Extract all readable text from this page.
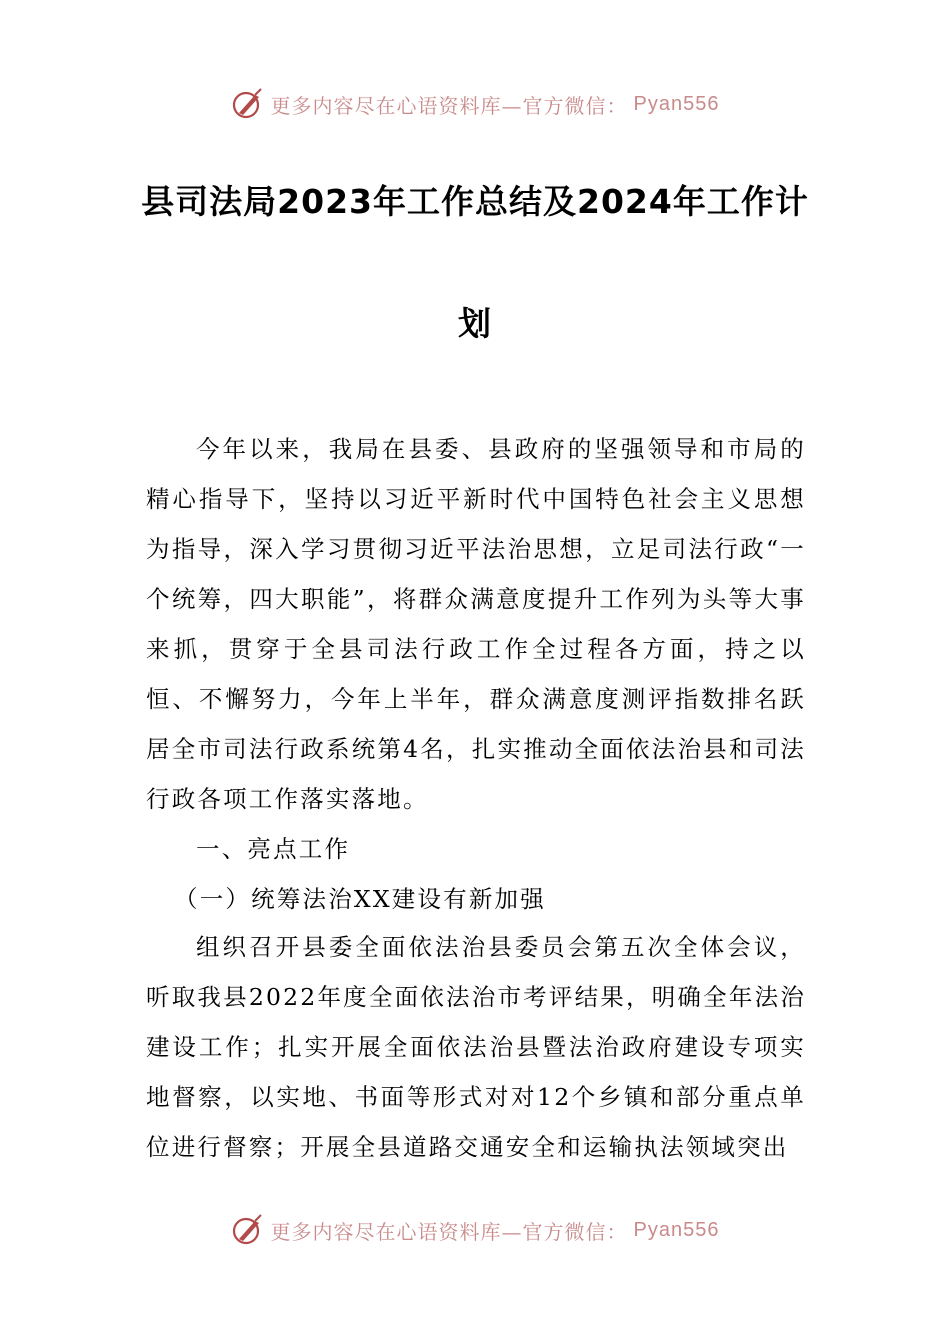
更多内容尽在心语资料库—官方微信： Pyan556
县司法局2023年工作总结及2024年工作计
划

今年以来，我局在县委、县政府的坚强领导和市局的精心指导下，坚持以习近平新时代中国特色社会主义思想为指导，深入学习贯彻习近平法治思想，立足司法行政“一个统筹，四大职能”，将群众满意度提升工作列为头等大事来抓，贯穿于全县司法行政工作全过程各方面，持之以恒、不懈努力，今年上半年，群众满意度测评指数排名跃居全市司法行政系统第4名，扎实推动全面依法治县和司法行政各项工作落实落地。

一、亮点工作
（一）统筹法治XX建设有新加强

组织召开县委全面依法治县委员会第五次全体会议，听取我县2022年度全面依法治市考评结果，明确全年法治建设工作；扎实开展全面依法治县暨法治政府建设专项实地督察，以实地、书面等形式对对12个乡镇和部分重点单位进行督察；开展全县道路交通安全和运输执法领域突出

更多内容尽在心语资料库—官方微信： Pyan556
